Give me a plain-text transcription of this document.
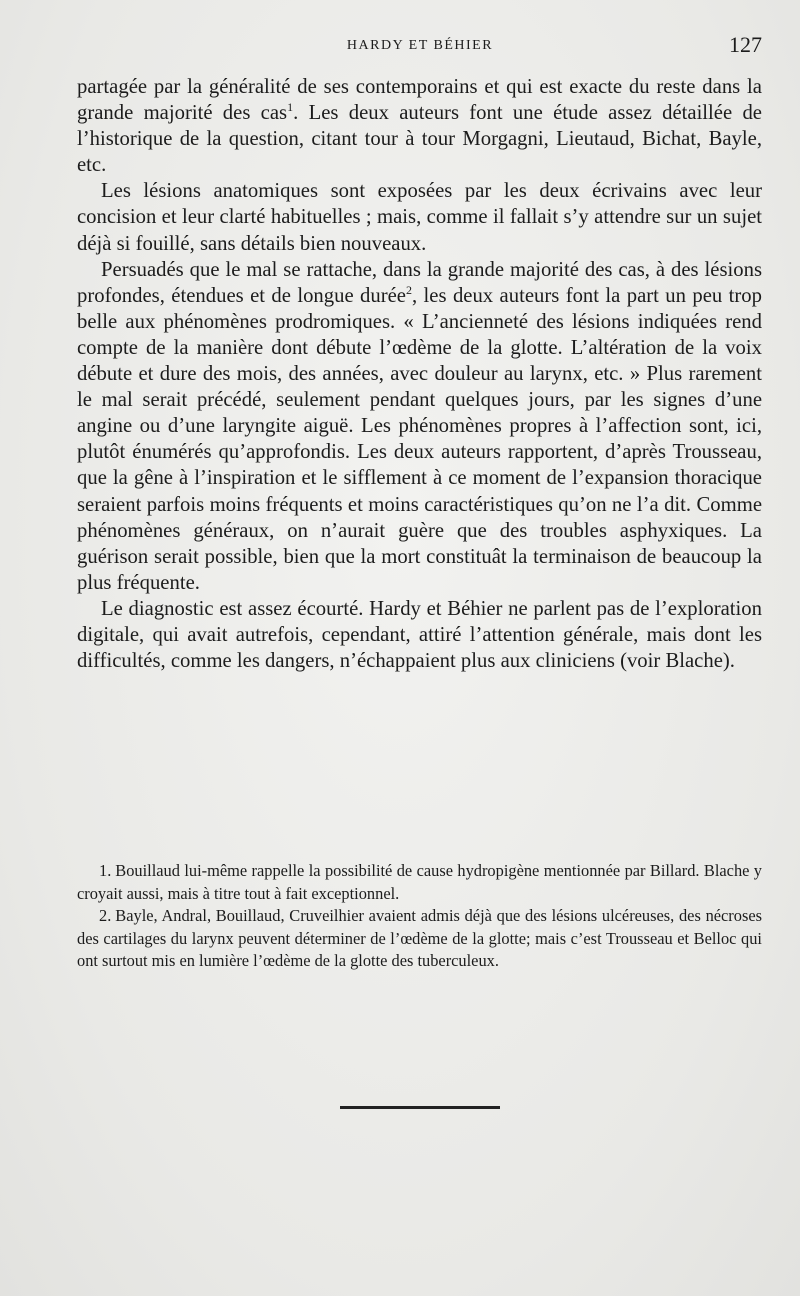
HARDY ET BÉHIER	127

partagée par la généralité de ses contemporains et qui est exacte du reste dans la grande majorité des cas$^1$. Les deux auteurs font une étude assez détaillée de l’historique de la question, citant tour à tour Morgagni, Lieutaud, Bichat, Bayle, etc.

Les lésions anatomiques sont exposées par les deux écrivains avec leur concision et leur clarté habituelles ; mais, comme il fallait s’y attendre sur un sujet déjà si fouillé, sans détails bien nouveaux.

Persuadés que le mal se rattache, dans la grande majorité des cas, à des lésions profondes, étendues et de longue durée$^2$, les deux auteurs font la part un peu trop belle aux phénomènes prodromiques. « L’ancienneté des lésions indiquées rend compte de la manière dont débute l’œdème de la glotte. L’altération de la voix débute et dure des mois, des années, avec douleur au larynx, etc. » Plus rarement le mal serait précédé, seulement pendant quelques jours, par les signes d’une angine ou d’une laryngite aiguë. Les phénomènes propres à l’affection sont, ici, plutôt énumérés qu’approfondis. Les deux auteurs rapportent, d’après Trousseau, que la gêne à l’inspiration et le sifflement à ce moment de l’expansion thoracique seraient parfois moins fréquents et moins caractéristiques qu’on ne l’a dit. Comme phénomènes généraux, on n’aurait guère que des troubles asphyxiques. La guérison serait possible, bien que la mort constituât la terminaison de beaucoup la plus fréquente.

Le diagnostic est assez écourté. Hardy et Béhier ne parlent pas de l’exploration digitale, qui avait autrefois, cependant, attiré l’attention générale, mais dont les difficultés, comme les dangers, n’échappaient plus aux cliniciens (voir Blache).

1. Bouillaud lui-même rappelle la possibilité de cause hydropigène mentionnée par Billard. Blache y croyait aussi, mais à titre tout à fait exceptionnel.

2. Bayle, Andral, Bouillaud, Cruveilhier avaient admis déjà que des lésions ulcéreuses, des nécroses des cartilages du larynx peuvent déterminer de l’œdème de la glotte; mais c’est Trousseau et Belloc qui ont surtout mis en lumière l’œdème de la glotte des tuberculeux.
